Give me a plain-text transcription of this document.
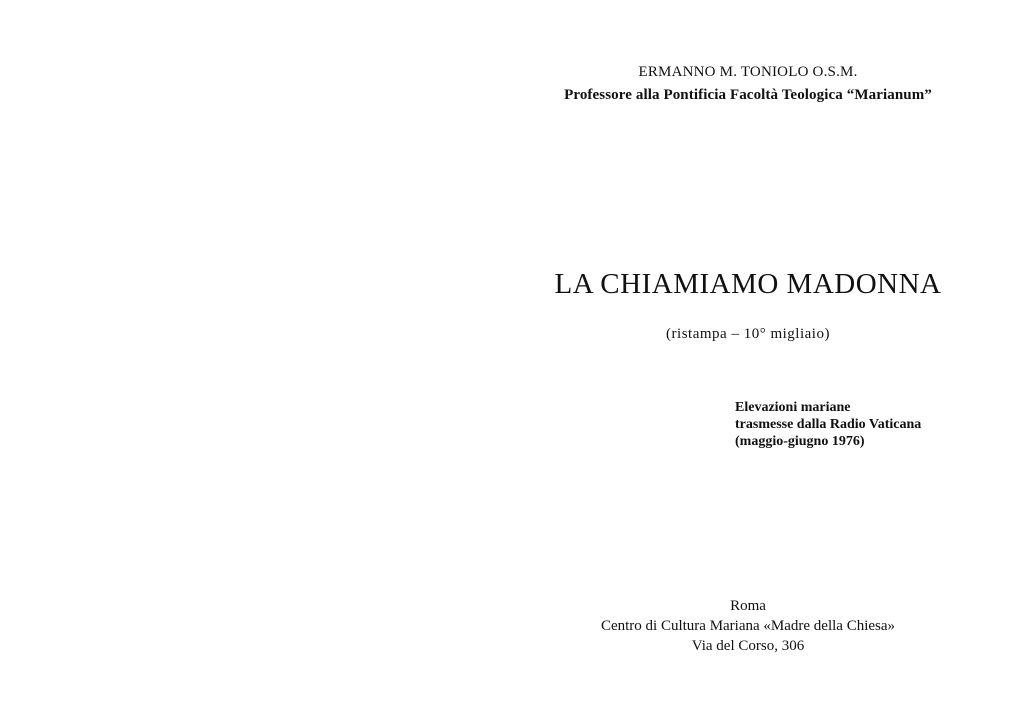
ERMANNO M. TONIOLO O.S.M.
Professore alla Pontificia Facoltà Teologica “Marianum”
LA CHIAMIAMO MADONNA
(ristampa – 10° migliaio)
Elevazioni mariane
trasmesse dalla Radio Vaticana
(maggio-giugno 1976)
Roma
Centro di Cultura Mariana «Madre della Chiesa»
Via del Corso, 306
